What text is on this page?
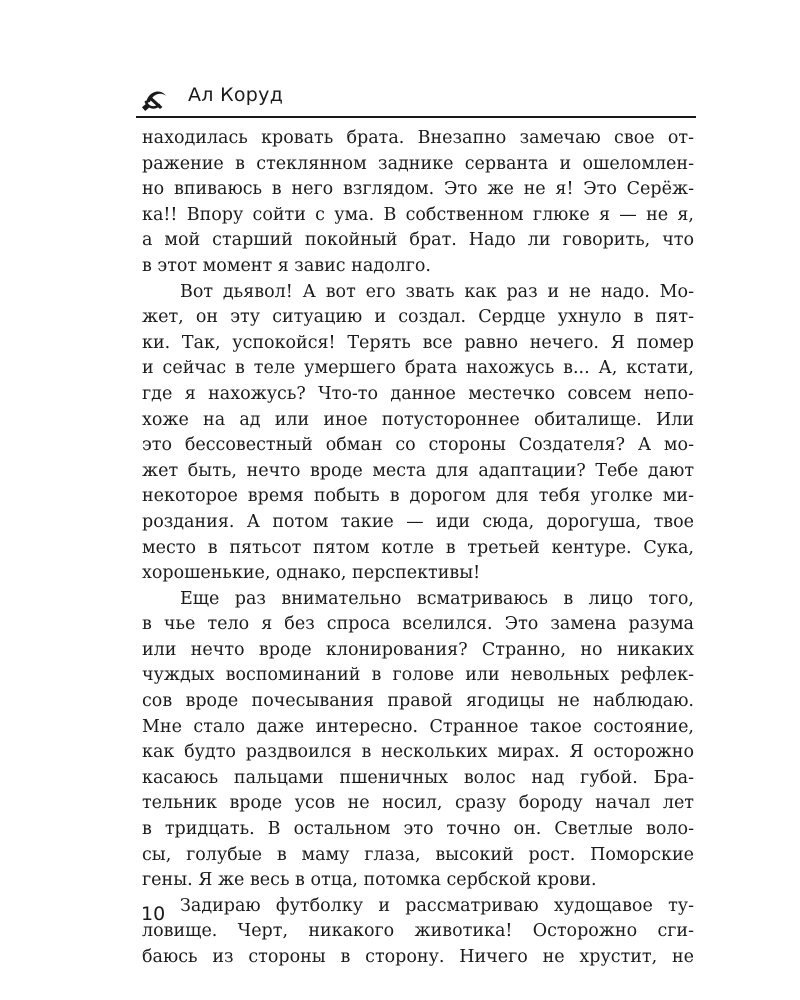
Ал Коруд
находилась кровать брата. Внезапно замечаю свое от-
ражение в стеклянном заднике серванта и ошеломлен-
но впиваюсь в него взглядом. Это же не я! Это Серёж-
ка!! Впору сойти с ума. В собственном глюке я — не я,
а мой старший покойный брат. Надо ли говорить, что
в этот момент я завис надолго.
Вот дьявол! А вот его звать как раз и не надо. Мо-
жет, он эту ситуацию и создал. Сердце ухнуло в пят-
ки. Так, успокойся! Терять все равно нечего. Я помер
и сейчас в теле умершего брата нахожусь в... А, кстати,
где я нахожусь? Что-то данное местечко совсем непо-
хоже на ад или иное потустороннее обиталище. Или
это бессовестный обман со стороны Создателя? А мо-
жет быть, нечто вроде места для адаптации? Тебе дают
некоторое время побыть в дорогом для тебя уголке ми-
роздания. А потом такие — иди сюда, дорогуша, твое
место в пятьсот пятом котле в третьей кентуре. Сука,
хорошенькие, однако, перспективы!
Еще раз внимательно всматриваюсь в лицо того,
в чье тело я без спроса вселился. Это замена разума
или нечто вроде клонирования? Странно, но никаких
чуждых воспоминаний в голове или невольных рефлек-
сов вроде почесывания правой ягодицы не наблюдаю.
Мне стало даже интересно. Странное такое состояние,
как будто раздвоился в нескольких мирах. Я осторожно
касаюсь пальцами пшеничных волос над губой. Бра-
тельник вроде усов не носил, сразу бороду начал лет
в тридцать. В остальном это точно он. Светлые воло-
сы, голубые в маму глаза, высокий рост. Поморские
гены. Я же весь в отца, потомка сербской крови.
Задираю футболку и рассматриваю худощавое ту-
ловище. Черт, никакого животика! Осторожно сги-
баюсь из стороны в сторону. Ничего не хрустит, не
10
